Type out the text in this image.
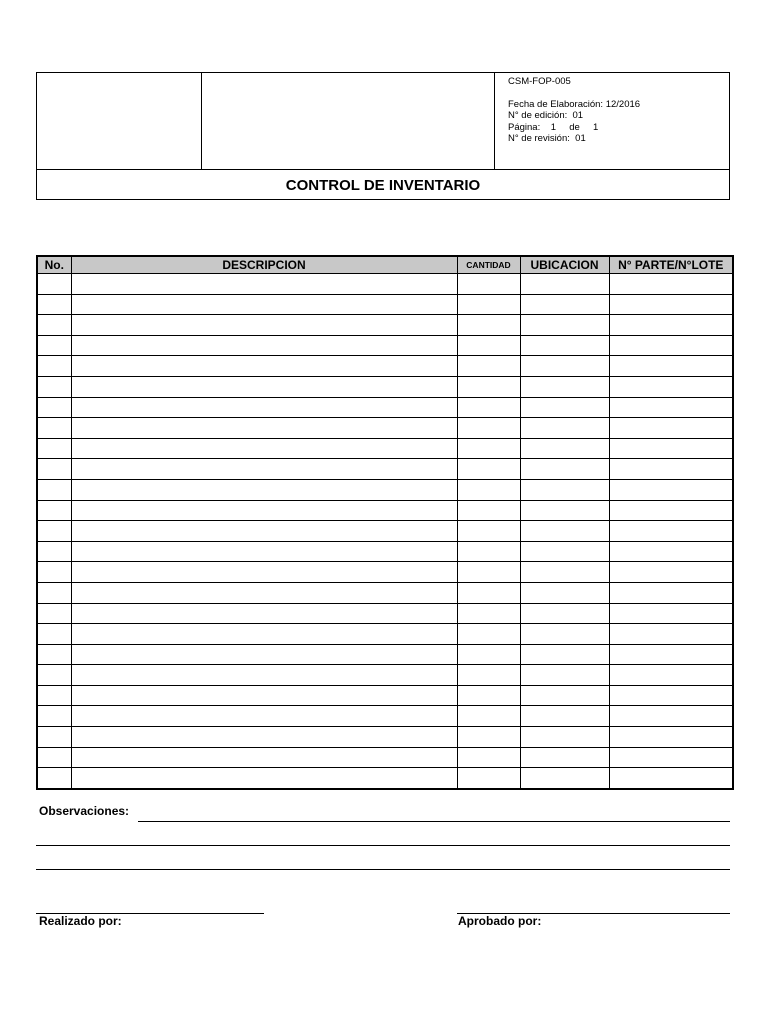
CSM-FOP-005
Fecha de Elaboración: 12/2016
N° de edición:  01
Página:    1     de     1
N° de revisión:  01
CONTROL DE INVENTARIO
No.	DESCRIPCION	CANTIDAD	UBICACION	N° PARTE/N°LOTE

Observaciones:
Realizado por:	Aprobado por:
